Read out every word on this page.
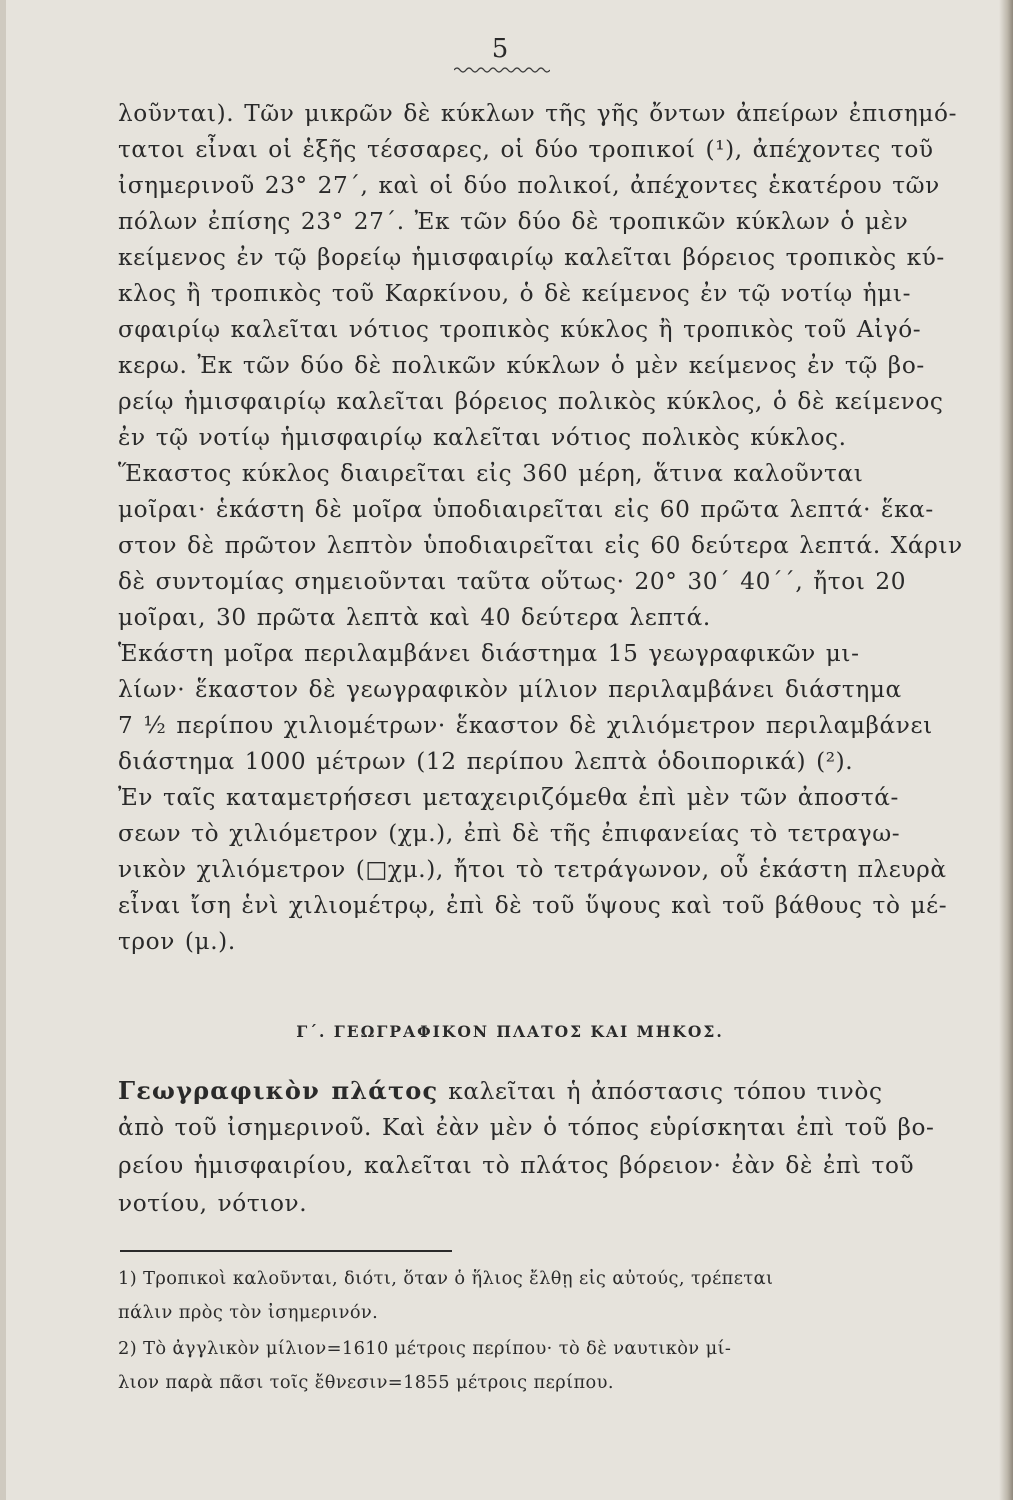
5
λοῦνται). Τῶν μικρῶν δὲ κύκλων τῆς γῆς ὄντων ἀπείρων ἐπισημό-
τατοι εἶναι οἱ ἑξῆς τέσσαρες, οἱ δύο τροπικοί (¹), ἀπέχοντες τοῦ
ἰσημερινοῦ 23° 27΄, καὶ οἱ δύο πολικοί, ἀπέχοντες ἑκατέρου τῶν
πόλων ἐπίσης 23° 27΄. Ἐκ τῶν δύο δὲ τροπικῶν κύκλων ὁ μὲν
κείμενος ἐν τῷ βορείῳ ἡμισφαιρίῳ καλεῖται βόρειος τροπικὸς κύ-
κλος ἢ τροπικὸς τοῦ Καρκίνου, ὁ δὲ κείμενος ἐν τῷ νοτίῳ ἡμι-
σφαιρίῳ καλεῖται νότιος τροπικὸς κύκλος ἢ τροπικὸς τοῦ Αἰγό-
κερω. Ἐκ τῶν δύο δὲ πολικῶν κύκλων ὁ μὲν κείμενος ἐν τῷ βο-
ρείῳ ἡμισφαιρίῳ καλεῖται βόρειος πολικὸς κύκλος, ὁ δὲ κείμενος
ἐν τῷ νοτίῳ ἡμισφαιρίῳ καλεῖται νότιος πολικὸς κύκλος.
Ἕκαστος κύκλος διαιρεῖται εἰς 360 μέρη, ἅτινα καλοῦνται
μοῖραι· ἑκάστη δὲ μοῖρα ὑποδιαιρεῖται εἰς 60 πρῶτα λεπτά· ἕκα-
στον δὲ πρῶτον λεπτὸν ὑποδιαιρεῖται εἰς 60 δεύτερα λεπτά. Χάριν
δὲ συντομίας σημειοῦνται ταῦτα οὕτως· 20° 30΄ 40΄΄, ἤτοι 20
μοῖραι, 30 πρῶτα λεπτὰ καὶ 40 δεύτερα λεπτά.
Ἑκάστη μοῖρα περιλαμβάνει διάστημα 15 γεωγραφικῶν μι-
λίων· ἕκαστον δὲ γεωγραφικὸν μίλιον περιλαμβάνει διάστημα
7 ½ περίπου χιλιομέτρων· ἕκαστον δὲ χιλιόμετρον περιλαμβάνει
διάστημα 1000 μέτρων (12 περίπου λεπτὰ ὁδοιπορικά) (²).
Ἐν ταῖς καταμετρήσεσι μεταχειριζόμεθα ἐπὶ μὲν τῶν ἀποστά-
σεων τὸ χιλιόμετρον (χμ.), ἐπὶ δὲ τῆς ἐπιφανείας τὸ τετραγω-
νικὸν χιλιόμετρον (□χμ.), ἤτοι τὸ τετράγωνον, οὗ ἑκάστη πλευρὰ
εἶναι ἴση ἑνὶ χιλιομέτρῳ, ἐπὶ δὲ τοῦ ὕψους καὶ τοῦ βάθους τὸ μέ-
τρον (μ.).
Γ΄. ΓΕΩΓΡΑΦΙΚΟΝ ΠΛΑΤΟΣ ΚΑΙ ΜΗΚΟΣ.
Γεωγραφικὸν πλάτος καλεῖται ἡ ἀπόστασις τόπου τινὸς
ἀπὸ τοῦ ἰσημερινοῦ. Καὶ ἐὰν μὲν ὁ τόπος εὑρίσκηται ἐπὶ τοῦ βο-
ρείου ἡμισφαιρίου, καλεῖται τὸ πλάτος βόρειον· ἐὰν δὲ ἐπὶ τοῦ
νοτίου, νότιον.
1) Τροπικοὶ καλοῦνται, διότι, ὅταν ὁ ἥλιος ἔλθῃ εἰς αὐτούς, τρέπεται
πάλιν πρὸς τὸν ἰσημερινόν.
2) Τὸ ἀγγλικὸν μίλιον=1610 μέτροις περίπου· τὸ δὲ ναυτικὸν μί-
λιον παρὰ πᾶσι τοῖς ἔθνεσιν=1855 μέτροις περίπου.
